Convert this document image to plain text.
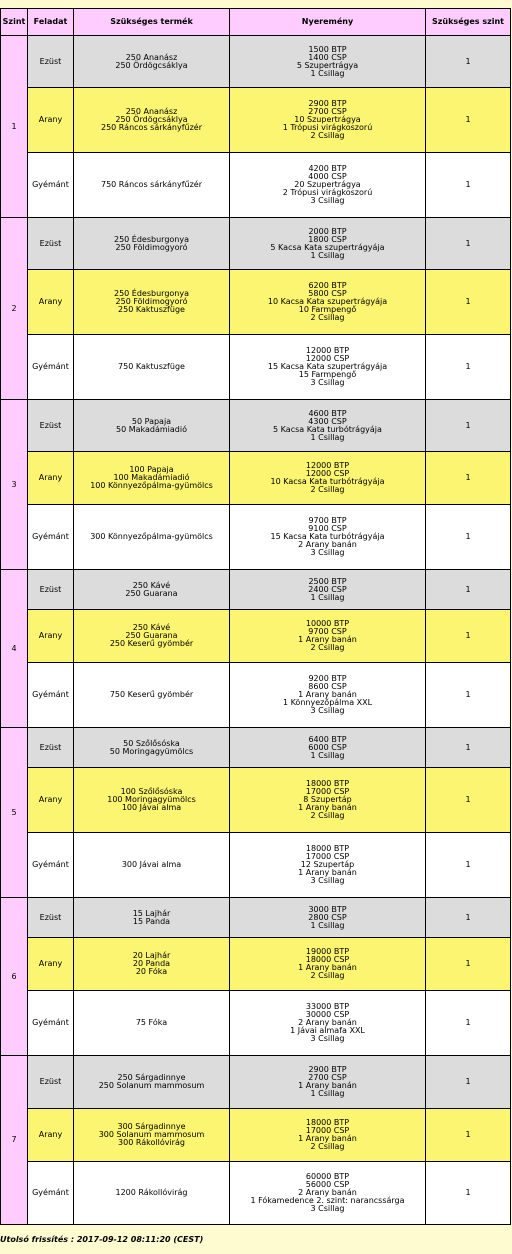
Szint	Feladat	Szükséges termék	Nyeremény	Szükséges szint
1	Ezüst	250 Ananász
250 Ördögcsáklya	1500 BTP
1400 CSP
5 Szupertrágya
1 Csillag	1
	Arany	250 Ananász
250 Ördögcsáklya
250 Ráncos sárkányfűzér	2900 BTP
2700 CSP
10 Szupertrágya
1 Trópusi virágkoszorú
2 Csillag	1
	Gyémánt	750 Ráncos sárkányfűzér	4200 BTP
4000 CSP
20 Szupertrágya
2 Trópusi virágkoszorú
3 Csillag	1
2	Ezüst	250 Édesburgonya
250 Földimogyoró	2000 BTP
1800 CSP
5 Kacsa Kata szupertrágyája
1 Csillag	1
	Arany	250 Édesburgonya
250 Földimogyoró
250 Kaktuszfüge	6200 BTP
5800 CSP
10 Kacsa Kata szupertrágyája
10 Farmpengő
2 Csillag	1
	Gyémánt	750 Kaktuszfüge	12000 BTP
12000 CSP
15 Kacsa Kata szupertrágyája
15 Farmpengő
3 Csillag	1
3	Ezüst	50 Papaja
50 Makadámiadió	4600 BTP
4300 CSP
5 Kacsa Kata turbótrágyája
1 Csillag	1
	Arany	100 Papaja
100 Makadámiadió
100 Könnyezőpálma-gyümölcs	12000 BTP
12000 CSP
10 Kacsa Kata turbótrágyája
2 Csillag	1
	Gyémánt	300 Könnyezőpálma-gyümölcs	9700 BTP
9100 CSP
15 Kacsa Kata turbótrágyája
2 Arany banán
3 Csillag	1
4	Ezüst	250 Kávé
250 Guarana	2500 BTP
2400 CSP
1 Csillag	1
	Arany	250 Kávé
250 Guarana
250 Keserű gyömbér	10000 BTP
9700 CSP
1 Arany banán
2 Csillag	1
	Gyémánt	750 Keserű gyömbér	9200 BTP
8600 CSP
1 Arany banán
1 Könnyezőpálma XXL
3 Csillag	1
5	Ezüst	50 Szőlősóska
50 Moringagyümölcs	6400 BTP
6000 CSP
1 Csillag	1
	Arany	100 Szőlősóska
100 Moringagyümölcs
100 Jávai alma	18000 BTP
17000 CSP
8 Szupertáp
1 Arany banán
2 Csillag	1
	Gyémánt	300 Jávai alma	18000 BTP
17000 CSP
12 Szupertáp
1 Arany banán
3 Csillag	1
6	Ezüst	15 Lajhár
15 Panda	3000 BTP
2800 CSP
1 Csillag	1
	Arany	20 Lajhár
20 Panda
20 Fóka	19000 BTP
18000 CSP
1 Arany banán
2 Csillag	1
	Gyémánt	75 Fóka	33000 BTP
30000 CSP
2 Arany banán
1 Jávai almafa XXL
3 Csillag	1
7	Ezüst	250 Sárgadinnye
250 Solanum mammosum	2900 BTP
2700 CSP
1 Arany banán
1 Csillag	1
	Arany	300 Sárgadinnye
300 Solanum mammosum
300 Rákollóvirág	18000 BTP
17000 CSP
1 Arany banán
2 Csillag	1
	Gyémánt	1200 Rákollóvirág	60000 BTP
56000 CSP
2 Arany banán
1 Fókamedence 2. szint: narancssárga
3 Csillag	1
Utolsó frissítés : 2017-09-12 08:11:20 (CEST)
